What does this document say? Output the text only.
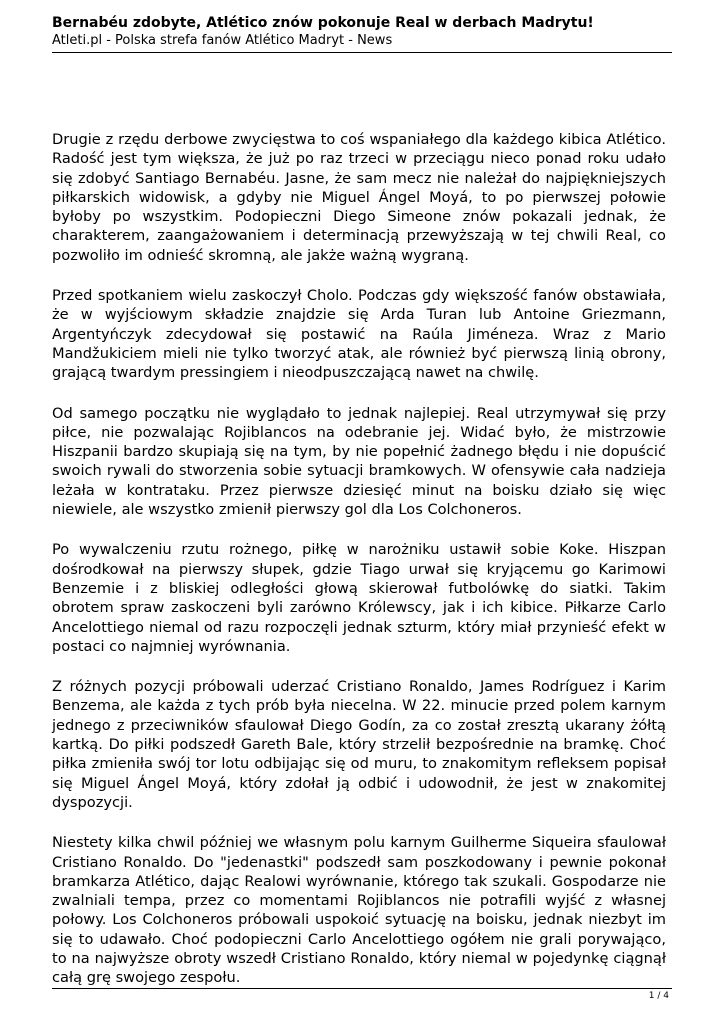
Bernabéu zdobyte, Atlético znów pokonuje Real w derbach Madrytu!

Atleti.pl - Polska strefa fanów Atlético Madryt - News

Drugie z rzędu derbowe zwycięstwa to coś wspaniałego dla każdego kibica Atlético. Radość jest tym większa, że już po raz trzeci w przeciągu nieco ponad roku udało się zdobyć Santiago Bernabéu. Jasne, że sam mecz nie należał do najpiękniejszych piłkarskich widowisk, a gdyby nie Miguel Ángel Moyá, to po pierwszej połowie byłoby po wszystkim. Podopieczni Diego Simeone znów pokazali jednak, że charakterem, zaangażowaniem i determinacją przewyższają w tej chwili Real, co pozwoliło im odnieść skromną, ale jakże ważną wygraną.

Przed spotkaniem wielu zaskoczył Cholo. Podczas gdy większość fanów obstawiała, że w wyjściowym składzie znajdzie się Arda Turan lub Antoine Griezmann, Argentyńczyk zdecydował się postawić na Raúla Jiméneza. Wraz z Mario Mandžukiciem mieli nie tylko tworzyć atak, ale również być pierwszą linią obrony, grającą twardym pressingiem i nieodpuszczającą nawet na chwilę.

Od samego początku nie wyglądało to jednak najlepiej. Real utrzymywał się przy piłce, nie pozwalając Rojiblancos na odebranie jej. Widać było, że mistrzowie Hiszpanii bardzo skupiają się na tym, by nie popełnić żadnego błędu i nie dopuścić swoich rywali do stworzenia sobie sytuacji bramkowych. W ofensywie cała nadzieja leżała w kontrataku. Przez pierwsze dziesięć minut na boisku działo się więc niewiele, ale wszystko zmienił pierwszy gol dla Los Colchoneros.

Po wywalczeniu rzutu rożnego, piłkę w narożniku ustawił sobie Koke. Hiszpan dośrodkował na pierwszy słupek, gdzie Tiago urwał się kryjącemu go Karimowi Benzemie i z bliskiej odległości głową skierował futbolówkę do siatki. Takim obrotem spraw zaskoczeni byli zarówno Królewscy, jak i ich kibice. Piłkarze Carlo Ancelottiego niemal od razu rozpoczęli jednak szturm, który miał przynieść efekt w postaci co najmniej wyrównania.

Z różnych pozycji próbowali uderzać Cristiano Ronaldo, James Rodríguez i Karim Benzema, ale każda z tych prób była niecelna. W 22. minucie przed polem karnym jednego z przeciwników sfaulował Diego Godín, za co został zresztą ukarany żółtą kartką. Do piłki podszedł Gareth Bale, który strzelił bezpośrednie na bramkę. Choć piłka zmieniła swój tor lotu odbijając się od muru, to znakomitym refleksem popisał się Miguel Ángel Moyá, który zdołał ją odbić i udowodnił, że jest w znakomitej dyspozycji.

Niestety kilka chwil później we własnym polu karnym Guilherme Siqueira sfaulował Cristiano Ronaldo. Do "jedenastki" podszedł sam poszkodowany i pewnie pokonał bramkarza Atlético, dając Realowi wyrównanie, którego tak szukali. Gospodarze nie zwalniali tempa, przez co momentami Rojiblancos nie potrafili wyjść z własnej połowy. Los Colchoneros próbowali uspokoić sytuację na boisku, jednak niezbyt im się to udawało. Choć podopieczni Carlo Ancelottiego ogółem nie grali porywająco, to na najwyższe obroty wszedł Cristiano Ronaldo, który niemal w pojedynkę ciągnął całą grę swojego zespołu.

1 / 4
